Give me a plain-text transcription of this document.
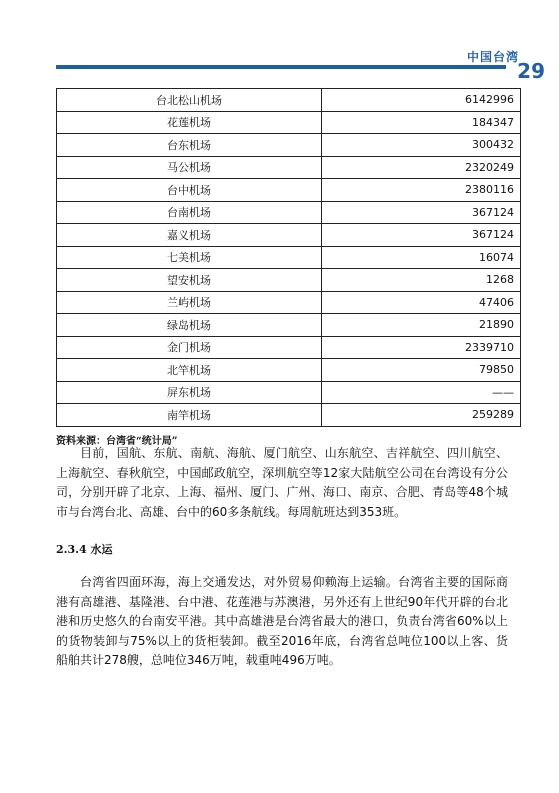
中国台湾
29
台北松山机场	6142996
花莲机场	184347
台东机场	300432
马公机场	2320249
台中机场	2380116
台南机场	367124
嘉义机场	367124
七美机场	16074
望安机场	1268
兰屿机场	47406
绿岛机场	21890
金门机场	2339710
北竿机场	79850
屏东机场	——
南竿机场	259289
资料来源：台湾省“统计局”

目前，国航、东航、南航、海航、厦门航空、山东航空、吉祥航空、四川航空、上海航空、春秋航空，中国邮政航空，深圳航空等12家大陆航空公司在台湾设有分公司，分别开辟了北京、上海、福州、厦门、广州、海口、南京、合肥、青岛等48个城市与台湾台北、高雄、台中的60多条航线。每周航班达到353班。

2.3.4 水运

台湾省四面环海，海上交通发达，对外贸易仰赖海上运输。台湾省主要的国际商港有高雄港、基隆港、台中港、花莲港与苏澳港，另外还有上世纪90年代开辟的台北港和历史悠久的台南安平港。其中高雄港是台湾省最大的港口，负责台湾省60%以上的货物装卸与75%以上的货柜装卸。截至2016年底，台湾省总吨位100以上客、货船舶共计278艘，总吨位346万吨，载重吨496万吨。
